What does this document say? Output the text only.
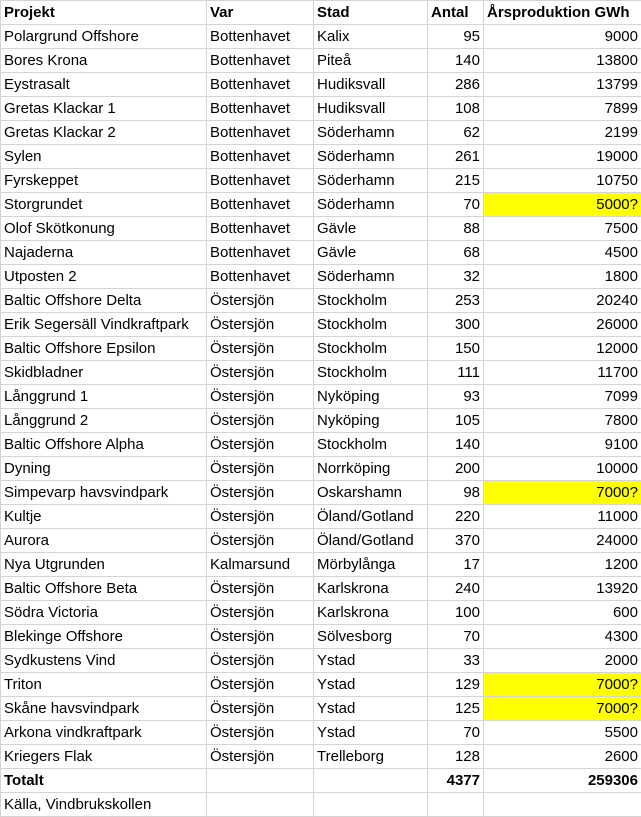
Projekt	Var	Stad	Antal	Årsproduktion GWh
Polargrund Offshore	Bottenhavet	Kalix	95	9000
Bores Krona	Bottenhavet	Piteå	140	13800
Eystrasalt	Bottenhavet	Hudiksvall	286	13799
Gretas Klackar 1	Bottenhavet	Hudiksvall	108	7899
Gretas Klackar 2	Bottenhavet	Söderhamn	62	2199
Sylen	Bottenhavet	Söderhamn	261	19000
Fyrskeppet	Bottenhavet	Söderhamn	215	10750
Storgrundet	Bottenhavet	Söderhamn	70	5000?
Olof Skötkonung	Bottenhavet	Gävle	88	7500
Najaderna	Bottenhavet	Gävle	68	4500
Utposten 2	Bottenhavet	Söderhamn	32	1800
Baltic Offshore Delta	Östersjön	Stockholm	253	20240
Erik Segersäll Vindkraftpark	Östersjön	Stockholm	300	26000
Baltic Offshore Epsilon	Östersjön	Stockholm	150	12000
Skidbladner	Östersjön	Stockholm	111	11700
Långgrund 1	Östersjön	Nyköping	93	7099
Långgrund 2	Östersjön	Nyköping	105	7800
Baltic Offshore Alpha	Östersjön	Stockholm	140	9100
Dyning	Östersjön	Norrköping	200	10000
Simpevarp havsvindpark	Östersjön	Oskarshamn	98	7000?
Kultje	Östersjön	Öland/Gotland	220	11000
Aurora	Östersjön	Öland/Gotland	370	24000
Nya Utgrunden	Kalmarsund	Mörbylånga	17	1200
Baltic Offshore Beta	Östersjön	Karlskrona	240	13920
Södra Victoria	Östersjön	Karlskrona	100	600
Blekinge Offshore	Östersjön	Sölvesborg	70	4300
Sydkustens Vind	Östersjön	Ystad	33	2000
Triton	Östersjön	Ystad	129	7000?
Skåne havsvindpark	Östersjön	Ystad	125	7000?
Arkona vindkraftpark	Östersjön	Ystad	70	5500
Kriegers Flak	Östersjön	Trelleborg	128	2600
Totalt			4377	259306
Källa, Vindbrukskollen				
